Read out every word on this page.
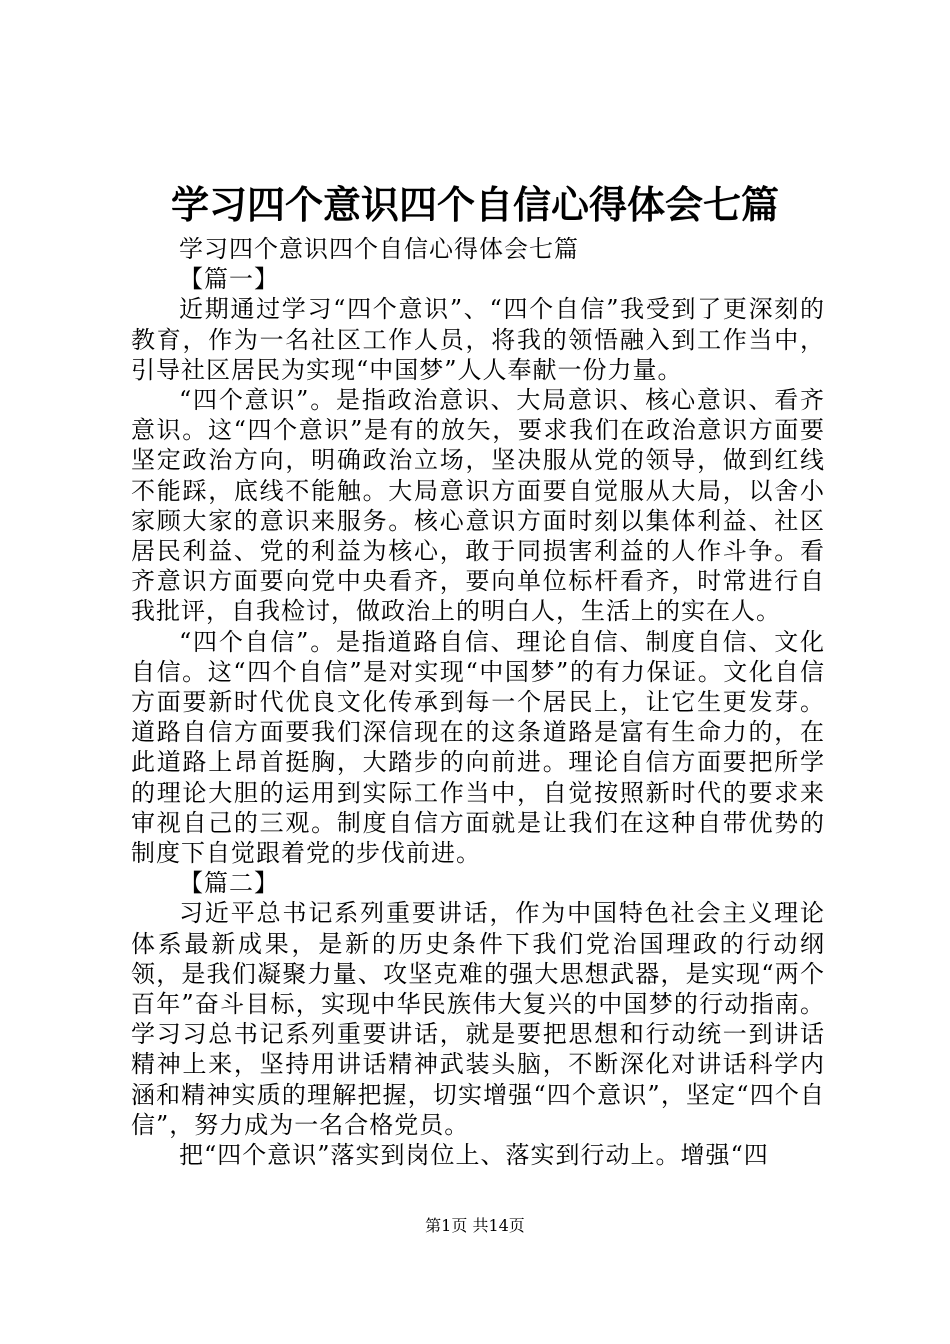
学习四个意识四个自信心得体会七篇

学习四个意识四个自信心得体会七篇

【篇一】

近期通过学习“四个意识”、“四个自信”我受到了更深刻的教育，作为一名社区工作人员，将我的领悟融入到工作当中，引导社区居民为实现“中国梦”人人奉献一份力量。

“四个意识”。是指政治意识、大局意识、核心意识、看齐意识。这“四个意识”是有的放矢，要求我们在政治意识方面要坚定政治方向，明确政治立场，坚决服从党的领导，做到红线不能踩，底线不能触。大局意识方面要自觉服从大局，以舍小家顾大家的意识来服务。核心意识方面时刻以集体利益、社区居民利益、党的利益为核心，敢于同损害利益的人作斗争。看齐意识方面要向党中央看齐，要向单位标杆看齐，时常进行自我批评，自我检讨，做政治上的明白人，生活上的实在人。

“四个自信”。是指道路自信、理论自信、制度自信、文化自信。这“四个自信”是对实现“中国梦”的有力保证。文化自信方面要新时代优良文化传承到每一个居民上，让它生更发芽。道路自信方面要我们深信现在的这条道路是富有生命力的，在此道路上昂首挺胸，大踏步的向前进。理论自信方面要把所学的理论大胆的运用到实际工作当中，自觉按照新时代的要求来审视自己的三观。制度自信方面就是让我们在这种自带优势的制度下自觉跟着党的步伐前进。

【篇二】

习近平总书记系列重要讲话，作为中国特色社会主义理论体系最新成果，是新的历史条件下我们党治国理政的行动纲领，是我们凝聚力量、攻坚克难的强大思想武器，是实现“两个百年”奋斗目标，实现中华民族伟大复兴的中国梦的行动指南。学习习总书记系列重要讲话，就是要把思想和行动统一到讲话精神上来，坚持用讲话精神武装头脑，不断深化对讲话科学内涵和精神实质的理解把握，切实增强“四个意识”，坚定“四个自信”，努力成为一名合格党员。

把“四个意识”落实到岗位上、落实到行动上。增强“四

第1页 共14页
